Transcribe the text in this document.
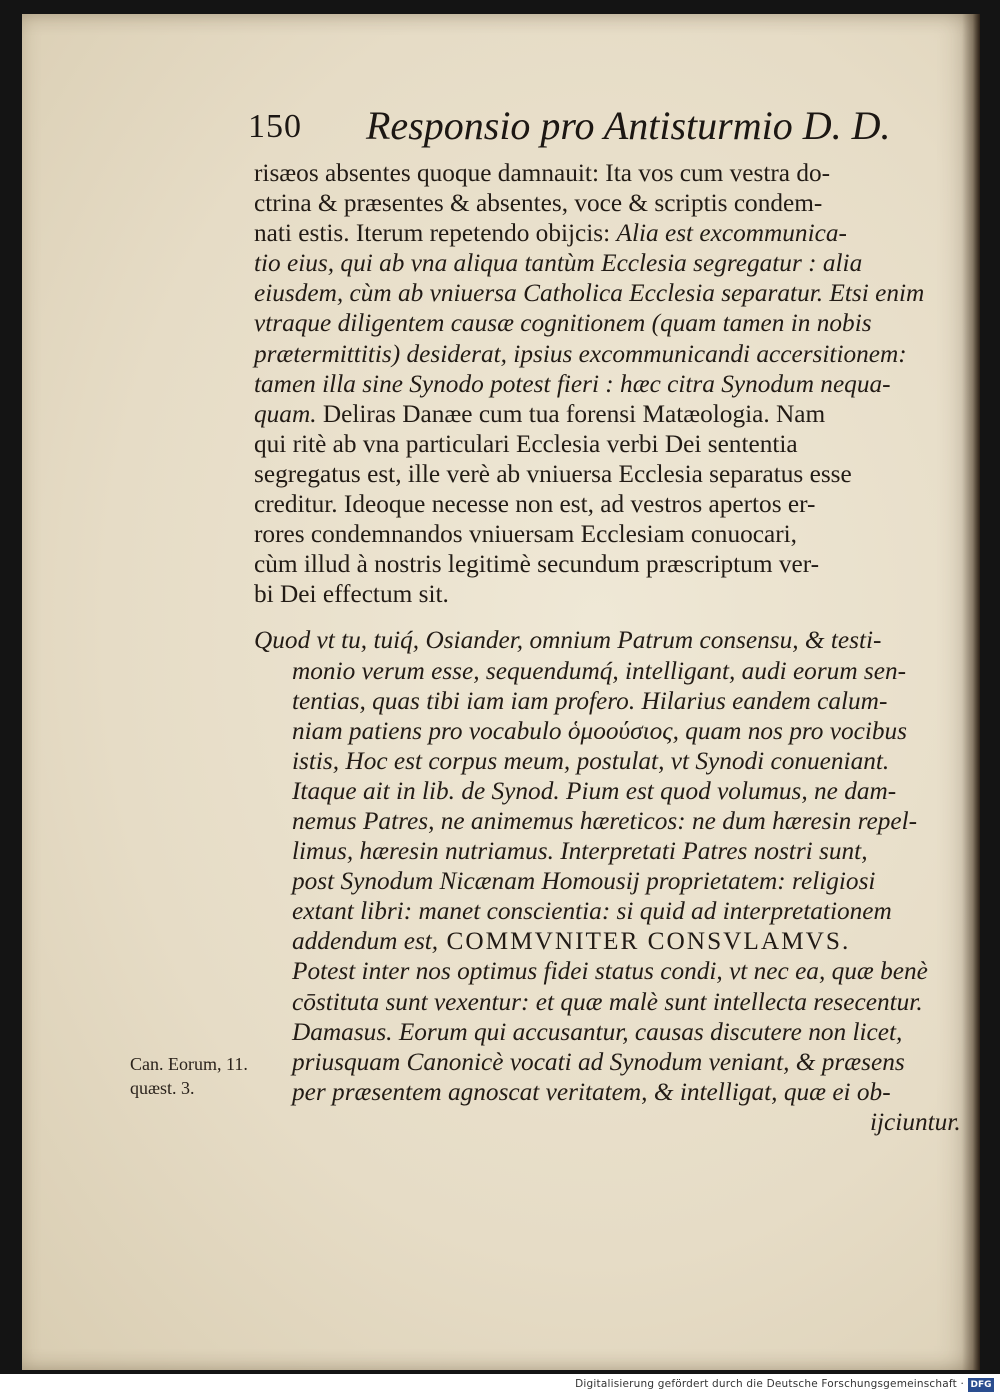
150 Responsio pro Antisturmio D. D.
risæos absentes quoque damnauit: Ita vos cum vestra do-
ctrina & præsentes & absentes, voce & scriptis condem-
nati estis. Iterum repetendo obijcis: Alia est excommunica-
tio eius, qui ab vna aliqua tantùm Ecclesia segregatur : alia
eiusdem, cùm ab vniuersa Catholica Ecclesia separatur. Etsi enim
vtraque diligentem causæ cognitionem (quam tamen in nobis
prætermittitis) desiderat, ipsius excommunicandi accersitionem:
tamen illa sine Synodo potest fieri : hæc citra Synodum nequa-
quam. Deliras Danæe cum tua forensi Matæologia. Nam
qui ritè ab vna particulari Ecclesia verbi Dei sententia
segregatus est, ille verè ab vniuersa Ecclesia separatus esse
creditur. Ideoque necesse non est, ad vestros apertos er-
rores condemnandos vniuersam Ecclesiam conuocari,
cùm illud à nostris legitimè secundum præscriptum ver-
bi Dei effectum sit.
Quod vt tu, tuiq́, Osiander, omnium Patrum consensu, & testi-
monio verum esse, sequendumq́, intelligant, audi eorum sen-
tentias, quas tibi iam iam profero. Hilarius eandem calum-
niam patiens pro vocabulo ὁμοούσιος, quam nos pro vocibus
istis, Hoc est corpus meum, postulat, vt Synodi conueniant.
Itaque ait in lib. de Synod. Pium est quod volumus, ne dam-
nemus Patres, ne animemus hæreticos: ne dum hæresin repel-
limus, hæresin nutriamus. Interpretati Patres nostri sunt,
post Synodum Nicænam Homousij proprietatem: religiosi
extant libri: manet conscientia: si quid ad interpretationem
addendum est, COMMVNITER CONSVLAMVS.
Potest inter nos optimus fidei status condi, vt nec ea, quæ benè
cōstituta sunt vexentur: et quæ malè sunt intellecta resecentur.
Damasus. Eorum qui accusantur, causas discutere non licet,
priusquam Canonicè vocati ad Synodum veniant, & præsens
per præsentem agnoscat veritatem, & intelligat, quæ ei ob-
ijciuntur.
Can. Eorum, 11.
quæst. 3.
Digitalisierung gefördert durch die Deutsche Forschungsgemeinschaft · DFG
